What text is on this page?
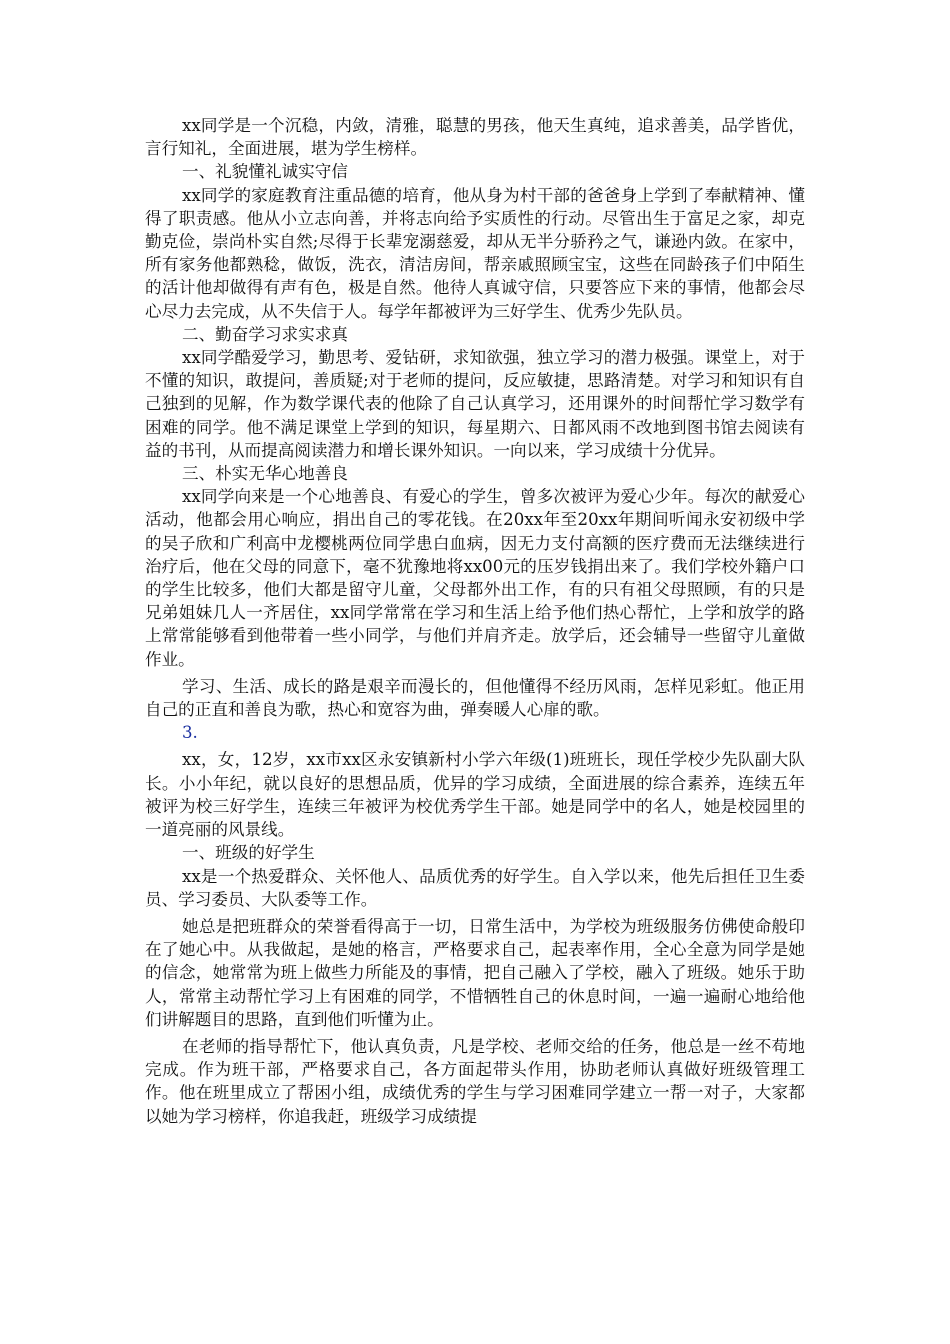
xx同学是一个沉稳，内敛，清雅，聪慧的男孩，他天生真纯，追求善美，品学皆优，言行知礼，全面进展，堪为学生榜样。

一、礼貌懂礼诚实守信

xx同学的家庭教育注重品德的培育，他从身为村干部的爸爸身上学到了奉献精神、懂得了职责感。他从小立志向善，并将志向给予实质性的行动。尽管出生于富足之家，却克勤克俭，崇尚朴实自然;尽得于长辈宠溺慈爱，却从无半分骄矜之气，谦逊内敛。在家中，所有家务他都熟稔，做饭，洗衣，清洁房间，帮亲戚照顾宝宝，这些在同龄孩子们中陌生的活计他却做得有声有色，极是自然。他待人真诚守信，只要答应下来的事情，他都会尽心尽力去完成，从不失信于人。每学年都被评为三好学生、优秀少先队员。

二、勤奋学习求实求真

xx同学酷爱学习，勤思考、爱钻研，求知欲强，独立学习的潜力极强。课堂上，对于不懂的知识，敢提问，善质疑;对于老师的提问，反应敏捷，思路清楚。对学习和知识有自己独到的见解，作为数学课代表的他除了自己认真学习，还用课外的时间帮忙学习数学有困难的同学。他不满足课堂上学到的知识，每星期六、日都风雨不改地到图书馆去阅读有益的书刊，从而提高阅读潜力和增长课外知识。一向以来，学习成绩十分优异。

三、朴实无华心地善良

xx同学向来是一个心地善良、有爱心的学生，曾多次被评为爱心少年。每次的献爱心活动，他都会用心响应，捐出自己的零花钱。在20xx年至20xx年期间听闻永安初级中学的吴子欣和广利高中龙樱桃两位同学患白血病，因无力支付高额的医疗费而无法继续进行治疗后，他在父母的同意下，毫不犹豫地将xx00元的压岁钱捐出来了。我们学校外籍户口的学生比较多，他们大都是留守儿童，父母都外出工作，有的只有祖父母照顾，有的只是兄弟姐妹几人一齐居住，xx同学常常在学习和生活上给予他们热心帮忙，上学和放学的路上常常能够看到他带着一些小同学，与他们并肩齐走。放学后，还会辅导一些留守儿童做作业。

学习、生活、成长的路是艰辛而漫长的，但他懂得不经历风雨，怎样见彩虹。他正用自己的正直和善良为歌，热心和宽容为曲，弹奏暖人心扉的歌。

3.

xx，女，12岁，xx市xx区永安镇新村小学六年级(1)班班长，现任学校少先队副大队长。小小年纪，就以良好的思想品质，优异的学习成绩，全面进展的综合素养，连续五年被评为校三好学生，连续三年被评为校优秀学生干部。她是同学中的名人，她是校园里的一道亮丽的风景线。

一、班级的好学生

xx是一个热爱群众、关怀他人、品质优秀的好学生。自入学以来，他先后担任卫生委员、学习委员、大队委等工作。

她总是把班群众的荣誉看得高于一切，日常生活中，为学校为班级服务仿佛使命般印在了她心中。从我做起，是她的格言，严格要求自己，起表率作用，全心全意为同学是她的信念，她常常为班上做些力所能及的事情，把自己融入了学校，融入了班级。她乐于助人，常常主动帮忙学习上有困难的同学，不惜牺牲自己的休息时间，一遍一遍耐心地给他们讲解题目的思路，直到他们听懂为止。

在老师的指导帮忙下，他认真负责，凡是学校、老师交给的任务，他总是一丝不苟地完成。作为班干部，严格要求自己，各方面起带头作用，协助老师认真做好班级管理工作。他在班里成立了帮困小组，成绩优秀的学生与学习困难同学建立一帮一对子，大家都以她为学习榜样，你追我赶，班级学习成绩提
